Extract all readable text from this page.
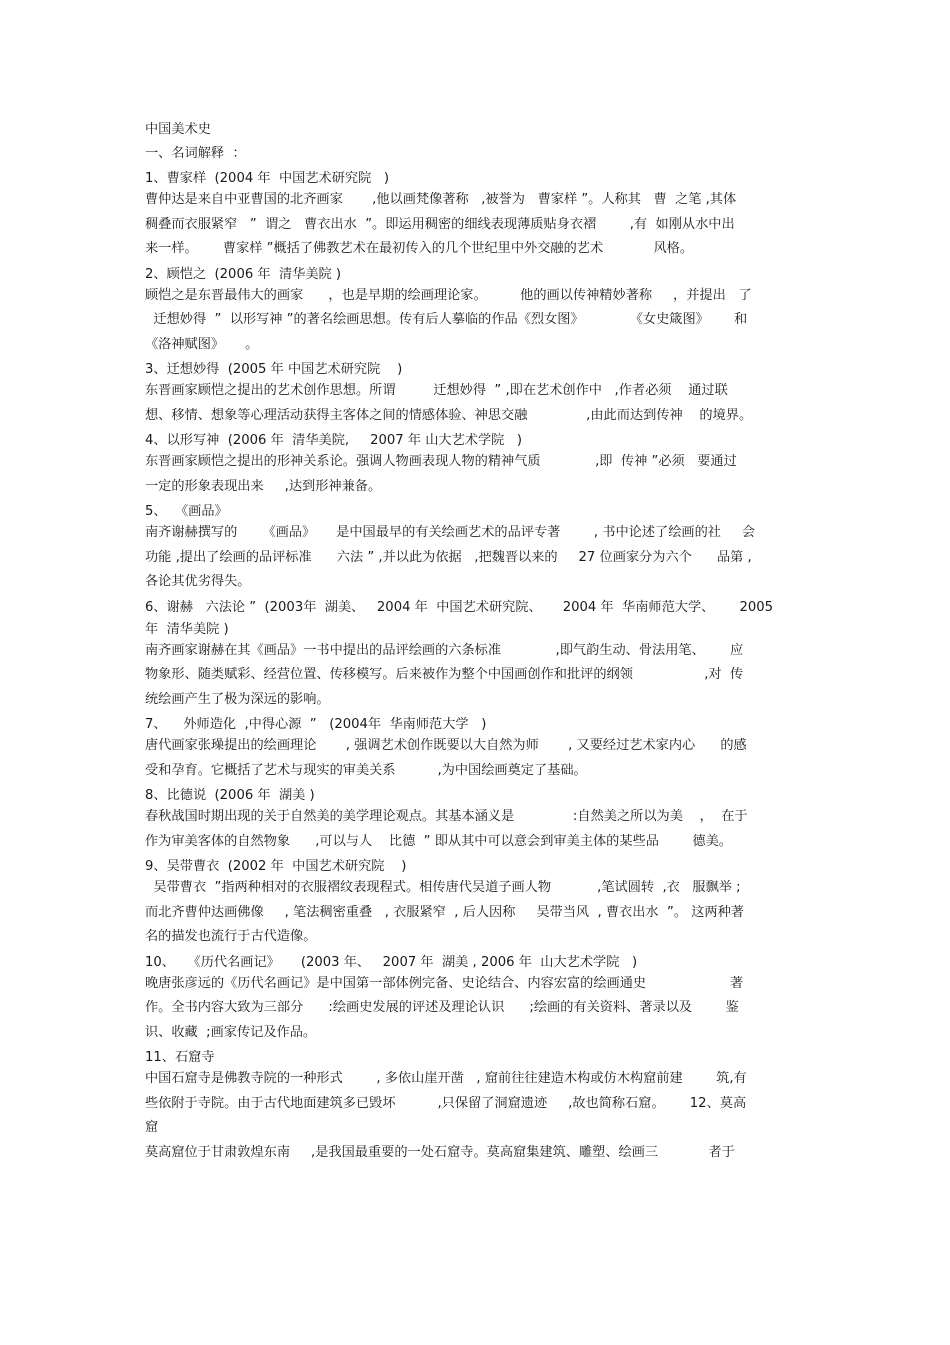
中国美术史
一、名词解释  ：
1、曹家样  (2004 年  中国艺术研究院   )
曹仲达是来自中亚曹国的北齐画家       ,他以画梵像著称   ,被誉为   曹家样 ”。人称其   曹  之笔 ,其体
稠叠而衣服紧窄   ”  谓之   曹衣出水  ”。即运用稠密的细线表现薄质贴身衣褶        ,有  如刚从水中出
来一样。      曹家样 ”概括了佛教艺术在最初传入的几个世纪里中外交融的艺术            风格。
2、顾恺之  (2006 年  清华美院 )
顾恺之是东晋最伟大的画家      ，也是早期的绘画理论家。        他的画以传神精妙著称     ，并提出   了
迁想妙得  ”  以形写神 ”的著名绘画思想。传有后人摹临的作品《烈女图》           《女史箴图》      和
《洛神赋图》     。
3、迁想妙得  (2005 年 中国艺术研究院    )
东晋画家顾恺之提出的艺术创作思想。所谓         迁想妙得  ” ,即在艺术创作中   ,作者必须    通过联
想、移情、想象等心理活动获得主客体之间的情感体验、神思交融              ,由此而达到传神    的境界。
4、以形写神  (2006 年  清华美院,     2007 年 山大艺术学院   )
东晋画家顾恺之提出的形神关系论。强调人物画表现人物的精神气质             ,即  传神 ”必须   要通过
一定的形象表现出来     ,达到形神兼备。
5、  《画品》
南齐谢赫撰写的      《画品》     是中国最早的有关绘画艺术的品评专著        , 书中论述了绘画的社     会
功能 ,提出了绘画的品评标准      六法 ” ,并以此为依据   ,把魏晋以来的     27 位画家分为六个      品第 ,
各论其优劣得失。
6、谢赫   六法论 ”  (2003年  湖美、   2004 年  中国艺术研究院、     2004 年  华南师范大学、      2005
年  清华美院 )
南齐画家谢赫在其《画品》一书中提出的品评绘画的六条标准             ,即气韵生动、骨法用笔、      应
物象形、随类赋彩、经营位置、传移模写。后来被作为整个中国画创作和批评的纲领                 ,对  传
统绘画产生了极为深远的影响。
7、    外师造化  ,中得心源  ”   (2004年  华南师范大学   )
唐代画家张璪提出的绘画理论       , 强调艺术创作既要以大自然为师       , 又要经过艺术家内心      的感
受和孕育。它概括了艺术与现实的审美关系          ,为中国绘画奠定了基础。
8、比德说  (2006 年  湖美 )
春秋战国时期出现的关于自然美的美学理论观点。其基本涵义是              :自然美之所以为美    ，  在于
作为审美客体的自然物象      ,可以与人    比德  ” 即从其中可以意会到审美主体的某些品        德美。
9、吴带曹衣  (2002 年  中国艺术研究院    )
吴带曹衣  ”指两种相对的衣服褶纹表现程式。相传唐代吴道子画人物           ,笔试圆转  ,衣   服飘举 ;
而北齐曹仲达画佛像     , 笔法稠密重叠   , 衣服紧窄  , 后人因称     吴带当风  , 曹衣出水  ”。 这两种著
名的描发也流行于古代造像。
10、   《历代名画记》     (2003 年、   2007 年  湖美 , 2006 年  山大艺术学院   )
晚唐张彦远的《历代名画记》是中国第一部体例完备、史论结合、内容宏富的绘画通史                    著
作。全书内容大致为三部分      :绘画史发展的评述及理论认识      ;绘画的有关资料、著录以及        鉴
识、收藏  ;画家传记及作品。
11、石窟寺
中国石窟寺是佛教寺院的一种形式        , 多依山崖开凿   , 窟前往往建造木构或仿木构窟前建        筑,有
些依附于寺院。由于古代地面建筑多已毁坏          ,只保留了洞窟遗迹     ,故也简称石窟。      12、莫高
窟
莫高窟位于甘肃敦煌东南     ,是我国最重要的一处石窟寺。莫高窟集建筑、雕塑、绘画三            者于
